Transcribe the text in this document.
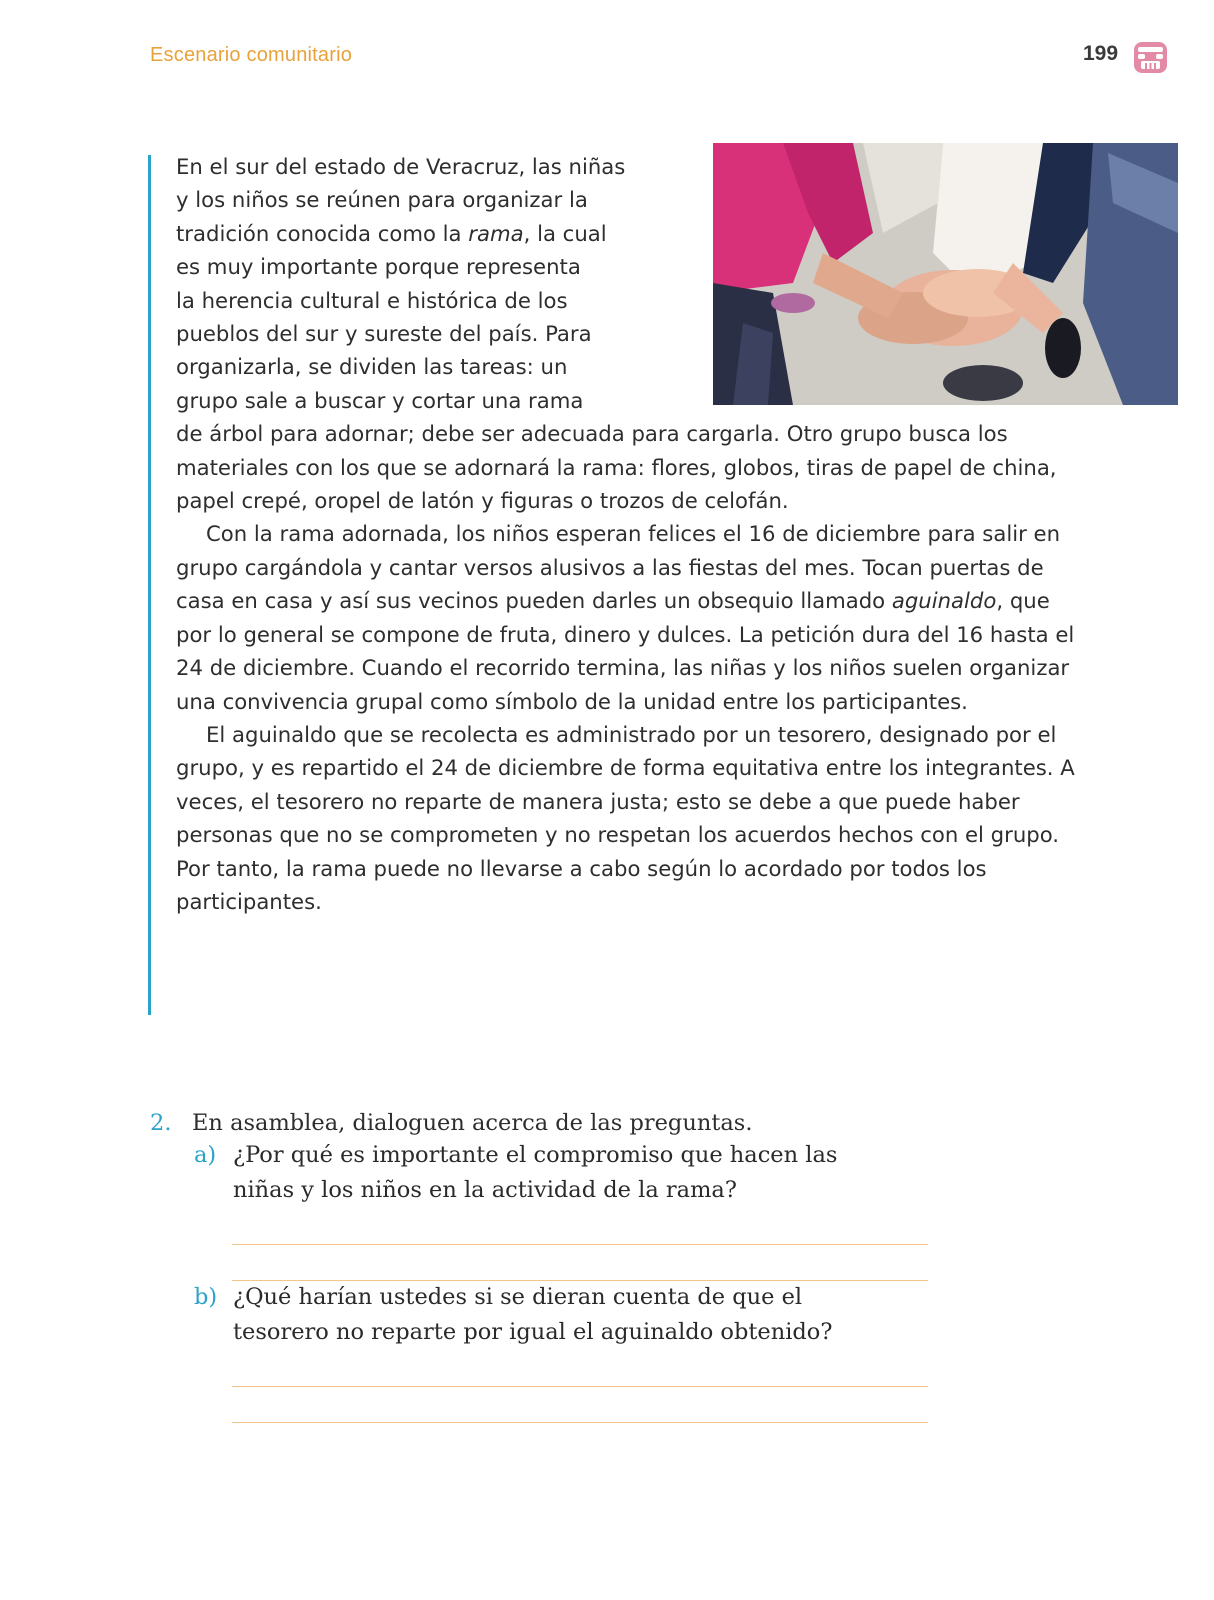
Escenario comunitario	199

En el sur del estado de Veracruz, las niñas
y los niños se reúnen para organizar la
tradición conocida como la rama, la cual
es muy importante porque representa
la herencia cultural e histórica de los
pueblos del sur y sureste del país. Para
organizarla, se dividen las tareas: un
grupo sale a buscar y cortar una rama
de árbol para adornar; debe ser adecuada para cargarla. Otro grupo busca los materiales con los que se adornará la rama: flores, globos, tiras de papel de china, papel crepé, oropel de latón y figuras o trozos de celofán.

Con la rama adornada, los niños esperan felices el 16 de diciembre para salir en grupo cargándola y cantar versos alusivos a las fiestas del mes. Tocan puertas de casa en casa y así sus vecinos pueden darles un obsequio llamado aguinaldo, que por lo general se compone de fruta, dinero y dulces. La petición dura del 16 hasta el 24 de diciembre. Cuando el recorrido termina, las niñas y los niños suelen organizar una convivencia grupal como símbolo de la unidad entre los participantes.

El aguinaldo que se recolecta es administrado por un tesorero, designado por el grupo, y es repartido el 24 de diciembre de forma equitativa entre los integrantes. A veces, el tesorero no reparte de manera justa; esto se debe a que puede haber personas que no se comprometen y no respetan los acuerdos hechos con el grupo. Por tanto, la rama puede no llevarse a cabo según lo acordado por todos los participantes.

2. En asamblea, dialoguen acerca de las preguntas.
a) ¿Por qué es importante el compromiso que hacen las
niñas y los niños en la actividad de la rama?
b) ¿Qué harían ustedes si se dieran cuenta de que el
tesorero no reparte por igual el aguinaldo obtenido?
